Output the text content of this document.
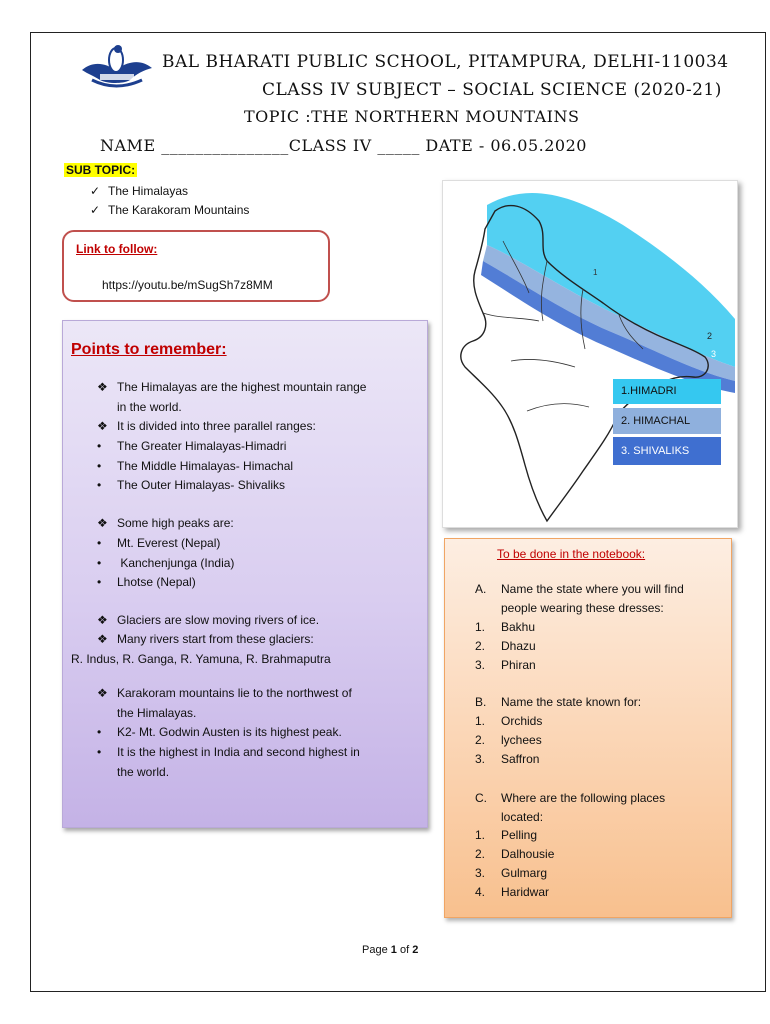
BAL BHARATI PUBLIC SCHOOL, PITAMPURA, DELHI-110034
CLASS IV SUBJECT – SOCIAL SCIENCE (2020-21)
TOPIC :THE NORTHERN MOUNTAINS
NAME _______________CLASS IV _____ DATE - 06.05.2020
SUB TOPIC:
✓ The Himalayas
✓ The Karakoram Mountains
Link to follow:
https://youtu.be/mSugSh7z8MM
Points to remember:
❖ The Himalayas are the highest mountain range
in the world.
❖ It is divided into three parallel ranges:
• The Greater Himalayas-Himadri
• The Middle Himalayas- Himachal
• The Outer Himalayas- Shivaliks
❖ Some high peaks are:
• Mt. Everest (Nepal)
• Kanchenjunga (India)
• Lhotse (Nepal)
❖ Glaciers are slow moving rivers of ice.
❖ Many rivers start from these glaciers:
R. Indus, R. Ganga, R. Yamuna, R. Brahmaputra
❖ Karakoram mountains lie to the northwest of
the Himalayas.
• K2- Mt. Godwin Austen is its highest peak.
• It is the highest in India and second highest in
the world.
1
2
3
1.HIMADRI
2. HIMACHAL
3. SHIVALIKS
To be done in the notebook:
A. Name the state where you will find
people wearing these dresses:
1. Bakhu
2. Dhazu
3. Phiran
B. Name the state known for:
1. Orchids
2. lychees
3. Saffron
C. Where are the following places
located:
1. Pelling
2. Dalhousie
3. Gulmarg
4. Haridwar
Page 1 of 2
